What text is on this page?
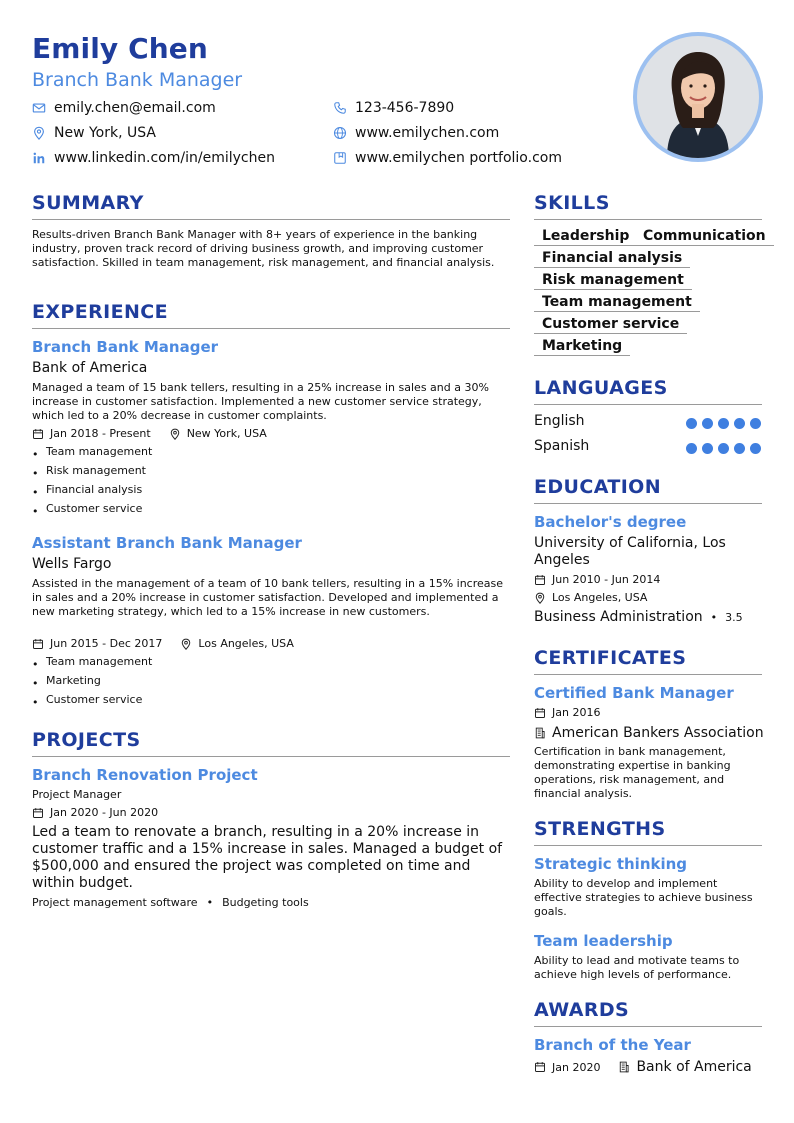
Emily Chen
Branch Bank Manager
emily.chen@email.com	123-456-7890
New York, USA	www.emilychen.com
www.linkedin.com/in/emilychen	www.emilychen portfolio.com
SUMMARY
Results-driven Branch Bank Manager with 8+ years of experience in the banking industry, proven track record of driving business growth, and improving customer satisfaction. Skilled in team management, risk management, and financial analysis.
EXPERIENCE
Branch Bank Manager
Bank of America
Managed a team of 15 bank tellers, resulting in a 25% increase in sales and a 30% increase in customer satisfaction. Implemented a new customer service strategy, which led to a 20% decrease in customer complaints.
Jan 2018 - Present	New York, USA
• Team management
• Risk management
• Financial analysis
• Customer service
Assistant Branch Bank Manager
Wells Fargo
Assisted in the management of a team of 10 bank tellers, resulting in a 15% increase in sales and a 20% increase in customer satisfaction. Developed and implemented a new marketing strategy, which led to a 15% increase in new customers.
Jun 2015 - Dec 2017	Los Angeles, USA
• Team management
• Marketing
• Customer service
PROJECTS
Branch Renovation Project
Project Manager
Jan 2020 - Jun 2020
Led a team to renovate a branch, resulting in a 20% increase in customer traffic and a 15% increase in sales. Managed a budget of $500,000 and ensured the project was completed on time and within budget.
Project management software • Budgeting tools
SKILLS
Leadership Communication
Financial analysis
Risk management
Team management
Customer service
Marketing
LANGUAGES
English
Spanish
EDUCATION
Bachelor's degree
University of California, Los Angeles
Jun 2010 - Jun 2014
Los Angeles, USA
Business Administration • 3.5
CERTIFICATES
Certified Bank Manager
Jan 2016
American Bankers Association
Certification in bank management, demonstrating expertise in banking operations, risk management, and financial analysis.
STRENGTHS
Strategic thinking
Ability to develop and implement effective strategies to achieve business goals.
Team leadership
Ability to lead and motivate teams to achieve high levels of performance.
AWARDS
Branch of the Year
Jan 2020	Bank of America
